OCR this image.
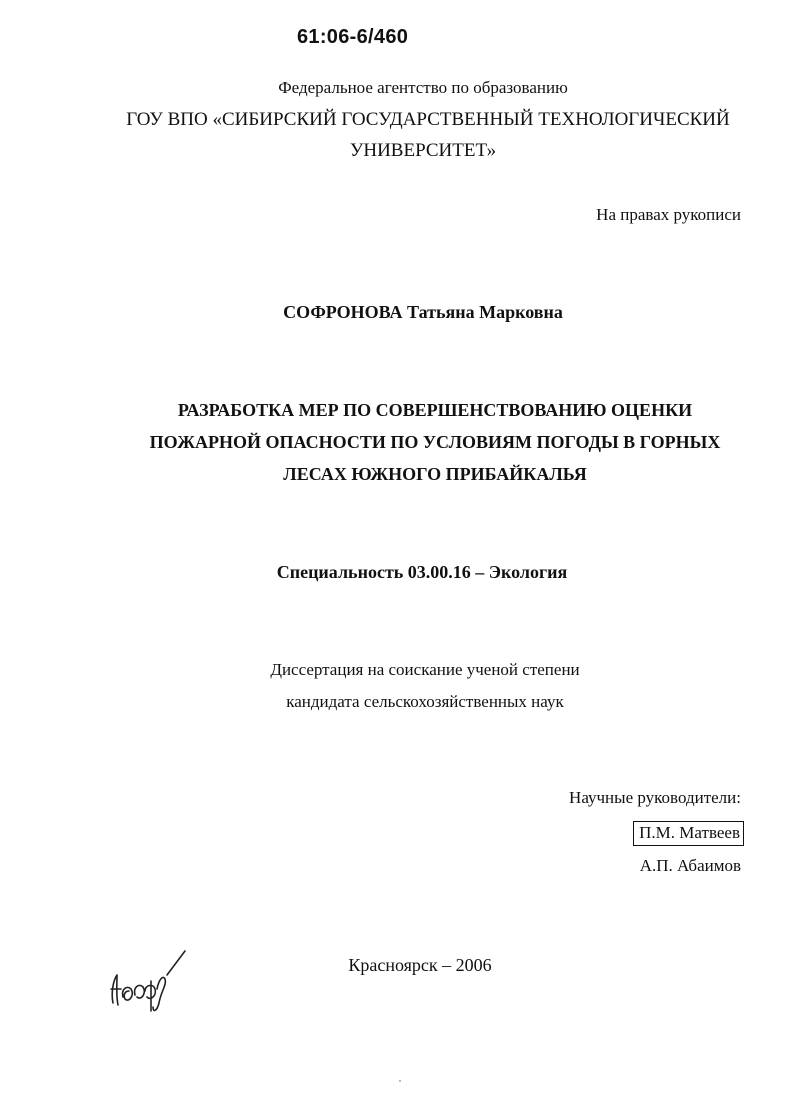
61:06-6/460
Федеральное агентство по образованию
ГОУ ВПО «СИБИРСКИЙ ГОСУДАРСТВЕННЫЙ ТЕХНОЛОГИЧЕСКИЙ
УНИВЕРСИТЕТ»
На правах рукописи
СОФРОНОВА Татьяна Марковна
РАЗРАБОТКА МЕР ПО СОВЕРШЕНСТВОВАНИЮ ОЦЕНКИ
ПОЖАРНОЙ ОПАСНОСТИ ПО УСЛОВИЯМ ПОГОДЫ В ГОРНЫХ
ЛЕСАХ ЮЖНОГО ПРИБАЙКАЛЬЯ
Специальность 03.00.16 – Экология
Диссертация на соискание ученой степени
кандидата сельскохозяйственных наук
Научные руководители:
П.М. Матвеев
А.П. Абаимов
Красноярск – 2006
